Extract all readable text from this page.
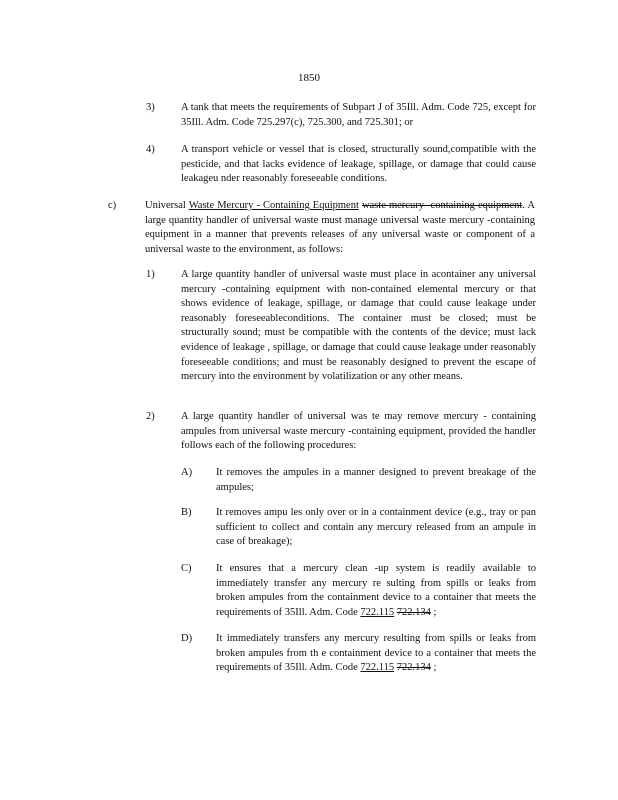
1850
3)	A tank that meets the requirements of Subpart J of 35Ill. Adm. Code 725, except for 35Ill. Adm. Code 725.297(c), 725.300, and 725.301; or
4)	A transport vehicle or vessel that is closed, structurally sound,compatible with the pesticide, and that lacks evidence of leakage, spillage, or damage that could cause leakageu nder reasonably foreseeable conditions.
c)	Universal Waste Mercury - Containing Equipment waste mercury- containing equipment. A large quantity handler of universal waste must manage universal waste mercury -containing equipment in a manner that prevents releases of any universal waste or component of a universal waste to the environment, as follows:
1)	A large quantity handler of universal waste must place in acontainer any universal mercury -containing equipment with non-contained elemental mercury or that shows evidence of leakage, spillage, or damage that could cause leakage under reasonably foreseeableconditions. The container must be closed; must be structurally sound; must be compatible with the contents of the device; must lack evidence of leakage , spillage, or damage that could cause leakage under reasonably foreseeable conditions; and must be reasonably designed to prevent the escape of mercury into the environment by volatilization or any other means.
2)	A large quantity handler of universal was te may remove mercury - containing ampules from universal waste mercury -containing equipment, provided the handler follows each of the following procedures:
A) It removes the ampules in a manner designed to prevent breakage of the ampules;
B) It removes ampu les only over or in a containment device (e.g., tray or pan sufficient to collect and contain any mercury released from an ampule in case of breakage);
C) It ensures that a mercury clean -up system is readily available to immediately transfer any mercury re sulting from spills or leaks from broken ampules from the containment device to a container that meets the requirements of 35Ill. Adm. Code 722.115 722.134 ;
D) It immediately transfers any mercury resulting from spills or leaks from broken ampules from th e containment device to a container that meets the requirements of 35Ill. Adm. Code 722.115 722.134 ;
